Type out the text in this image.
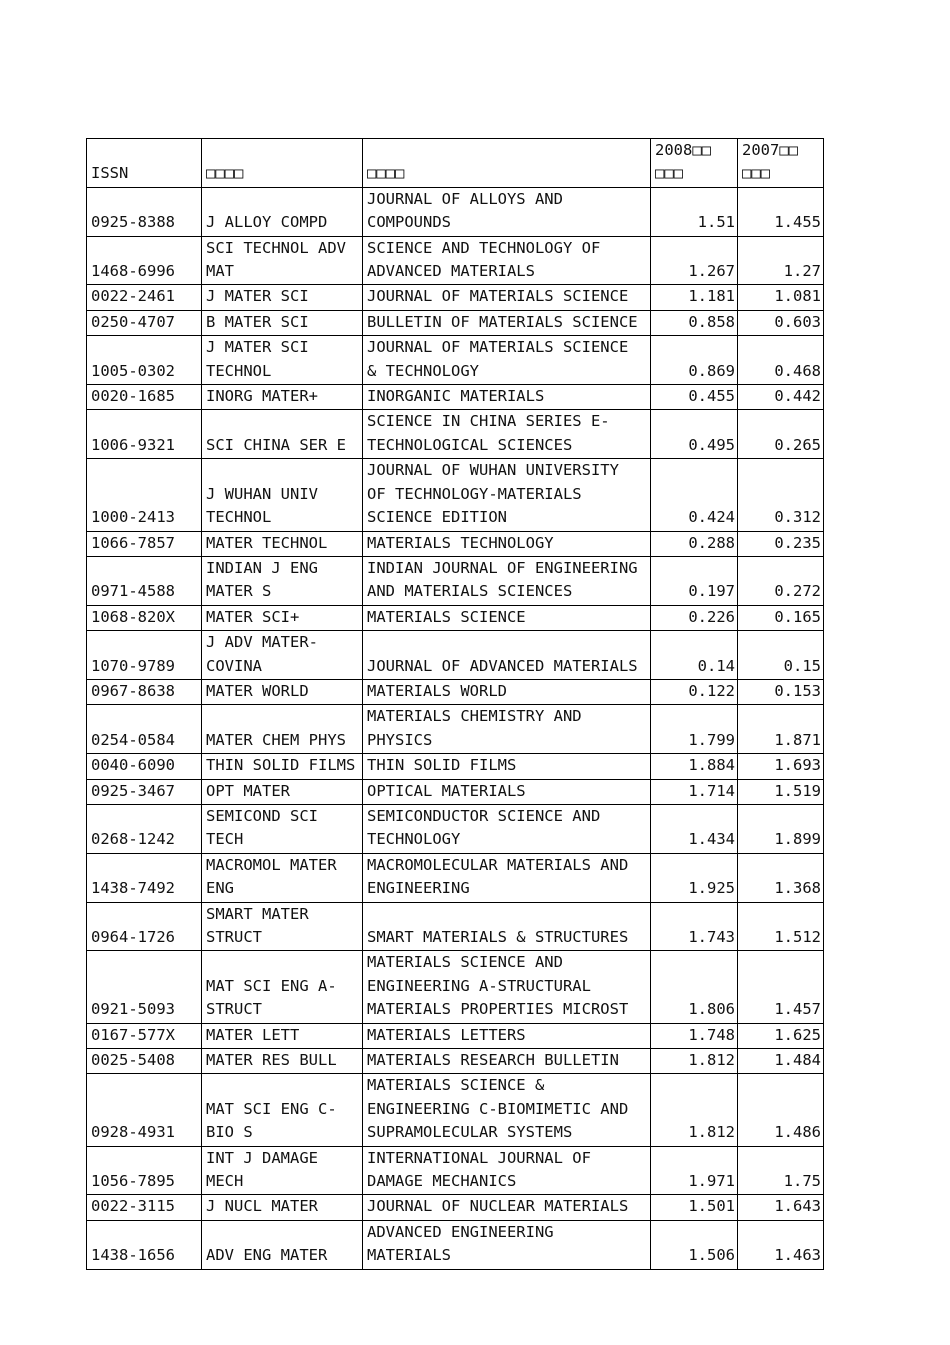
ISSN	□□□□	□□□□	2008□□
□□□	2007□□
□□□
0925-8388	J ALLOY COMPD	JOURNAL OF ALLOYS AND
COMPOUNDS	1.51	1.455
1468-6996	SCI TECHNOL ADV
MAT	SCIENCE AND TECHNOLOGY OF
ADVANCED MATERIALS	1.267	1.27
0022-2461	J MATER SCI	JOURNAL OF MATERIALS SCIENCE	1.181	1.081
0250-4707	B MATER SCI	BULLETIN OF MATERIALS SCIENCE	0.858	0.603
1005-0302	J MATER SCI
TECHNOL	JOURNAL OF MATERIALS SCIENCE
& TECHNOLOGY	0.869	0.468
0020-1685	INORG MATER+	INORGANIC MATERIALS	0.455	0.442
1006-9321	SCI CHINA SER E	SCIENCE IN CHINA SERIES E-
TECHNOLOGICAL SCIENCES	0.495	0.265
1000-2413	J WUHAN UNIV
TECHNOL	JOURNAL OF WUHAN UNIVERSITY
OF TECHNOLOGY-MATERIALS
SCIENCE EDITION	0.424	0.312
1066-7857	MATER TECHNOL	MATERIALS TECHNOLOGY	0.288	0.235
0971-4588	INDIAN J ENG
MATER S	INDIAN JOURNAL OF ENGINEERING
AND MATERIALS SCIENCES	0.197	0.272
1068-820X	MATER SCI+	MATERIALS SCIENCE	0.226	0.165
1070-9789	J ADV MATER-
COVINA	JOURNAL OF ADVANCED MATERIALS	0.14	0.15
0967-8638	MATER WORLD	MATERIALS WORLD	0.122	0.153
0254-0584	MATER CHEM PHYS	MATERIALS CHEMISTRY AND
PHYSICS	1.799	1.871
0040-6090	THIN SOLID FILMS	THIN SOLID FILMS	1.884	1.693
0925-3467	OPT MATER	OPTICAL MATERIALS	1.714	1.519
0268-1242	SEMICOND SCI
TECH	SEMICONDUCTOR SCIENCE AND
TECHNOLOGY	1.434	1.899
1438-7492	MACROMOL MATER
ENG	MACROMOLECULAR MATERIALS AND
ENGINEERING	1.925	1.368
0964-1726	SMART MATER
STRUCT	SMART MATERIALS & STRUCTURES	1.743	1.512
0921-5093	MAT SCI ENG A-
STRUCT	MATERIALS SCIENCE AND
ENGINEERING A-STRUCTURAL
MATERIALS PROPERTIES MICROST	1.806	1.457
0167-577X	MATER LETT	MATERIALS LETTERS	1.748	1.625
0025-5408	MATER RES BULL	MATERIALS RESEARCH BULLETIN	1.812	1.484
0928-4931	MAT SCI ENG C-
BIO S	MATERIALS SCIENCE &
ENGINEERING C-BIOMIMETIC AND
SUPRAMOLECULAR SYSTEMS	1.812	1.486
1056-7895	INT J DAMAGE
MECH	INTERNATIONAL JOURNAL OF
DAMAGE MECHANICS	1.971	1.75
0022-3115	J NUCL MATER	JOURNAL OF NUCLEAR MATERIALS	1.501	1.643
1438-1656	ADV ENG MATER	ADVANCED ENGINEERING
MATERIALS	1.506	1.463
